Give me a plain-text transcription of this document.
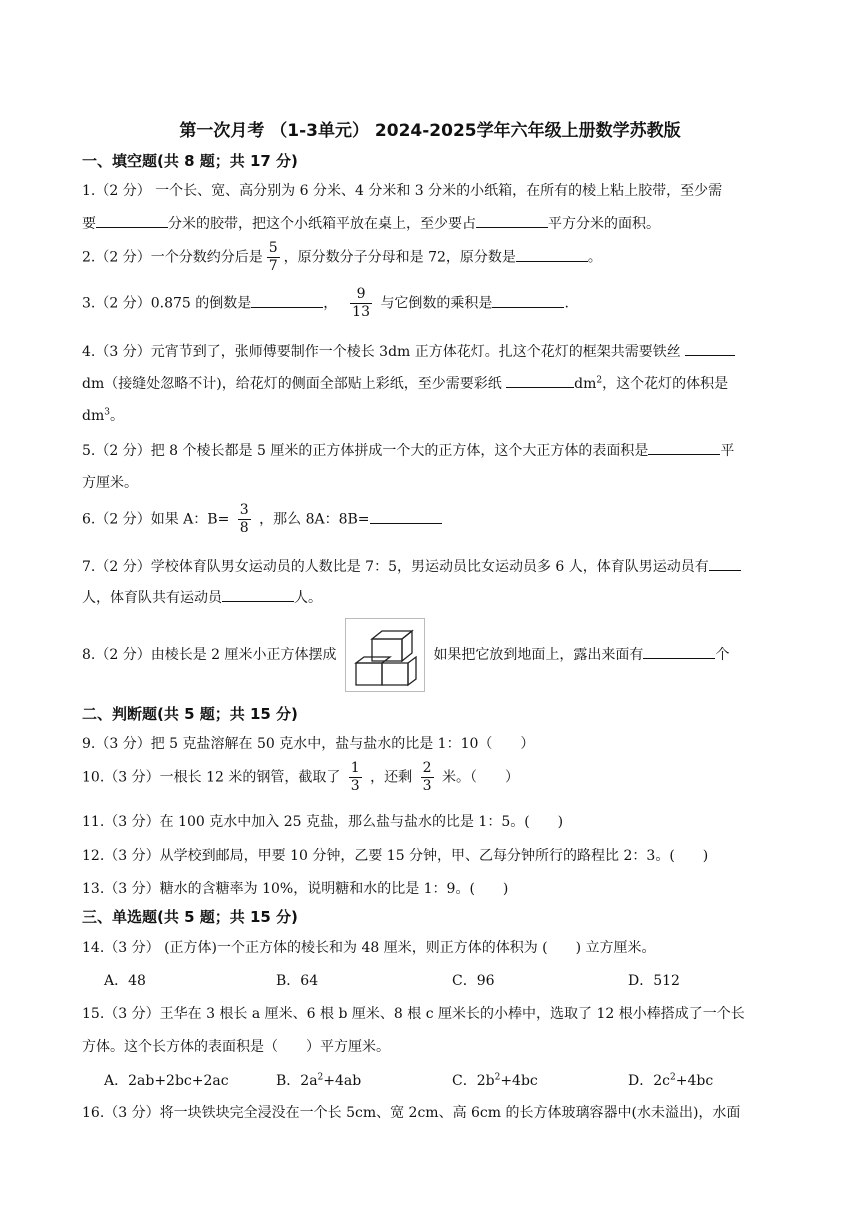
第一次月考 （1-3单元） 2024-2025学年六年级上册数学苏教版
一、填空题(共 8 题；共 17 分)
1.（2 分） 一个长、宽、高分别为 6 分米、4 分米和 3 分米的小纸箱，在所有的棱上粘上胶带，至少需
要	分米的胶带，把这个小纸箱平放在桌上，至少要占	平方分米的面积。
2.（2 分）一个分数约分后是 $\frac{5}{7}$ ，原分数分子分母和是 72，原分数是	。
3.（2 分）0.875 的倒数是	， $\frac{9}{13}$ 与它倒数的乘积是	.
4.（3 分）元宵节到了，张师傅要制作一个棱长 3dm 正方体花灯。扎这个花灯的框架共需要铁丝
dm（接缝处忽略不计)，给花灯的侧面全部贴上彩纸，至少需要彩纸	$dm^2$，这个花灯的体积是
$dm^3$。
5.（2 分）把 8 个棱长都是 5 厘米的正方体拼成一个大的正方体，这个大正方体的表面积是	平
方厘米。
6.（2 分）如果 A：$B= \frac{3}{8}$ ，那么 8A：8B=
7.（2 分）学校体育队男女运动员的人数比是 7：5，男运动员比女运动员多 6 人，体育队男运动员有
人，体育队共有运动员	人。
8.（2 分）由棱长是 2 厘米小正方体摆成	如果把它放到地面上，露出来面有	个
二、判断题(共 5 题；共 15 分)
9.（3 分）把 5 克盐溶解在 50 克水中，盐与盐水的比是 1：10（　　）
10.（3 分）一根长 12 米的钢管，截取了 $\frac{1}{3}$ ，还剩 $\frac{2}{3}$ 米。（　　）
11.（3 分）在 100 克水中加入 25 克盐，那么盐与盐水的比是 1：5。(　　)
12.（3 分）从学校到邮局，甲要 10 分钟，乙要 15 分钟，甲、乙每分钟所行的路程比 2：3。(　　)
13.（3 分）糖水的含糖率为 10%，说明糖和水的比是 1：9。(　　)
三、单选题(共 5 题；共 15 分)
14.（3 分） (正方体)一个正方体的棱长和为 48 厘米，则正方体的体积为 (　　) 立方厘米。
A．48	B．64	C．96	D．512
15.（3 分）王华在 3 根长 a 厘米、6 根 b 厘米、8 根 c 厘米长的小棒中，选取了 12 根小棒搭成了一个长
方体。这个长方体的表面积是（　　）平方厘米。
A．2ab+2bc+2ac	B．$2a^2+4ab$	C．$2b^2+4bc$	D．$2c^2+4bc$
16.（3 分）将一块铁块完全浸没在一个长 5cm、宽 2cm、高 6cm 的长方体玻璃容器中(水未溢出)，水面
